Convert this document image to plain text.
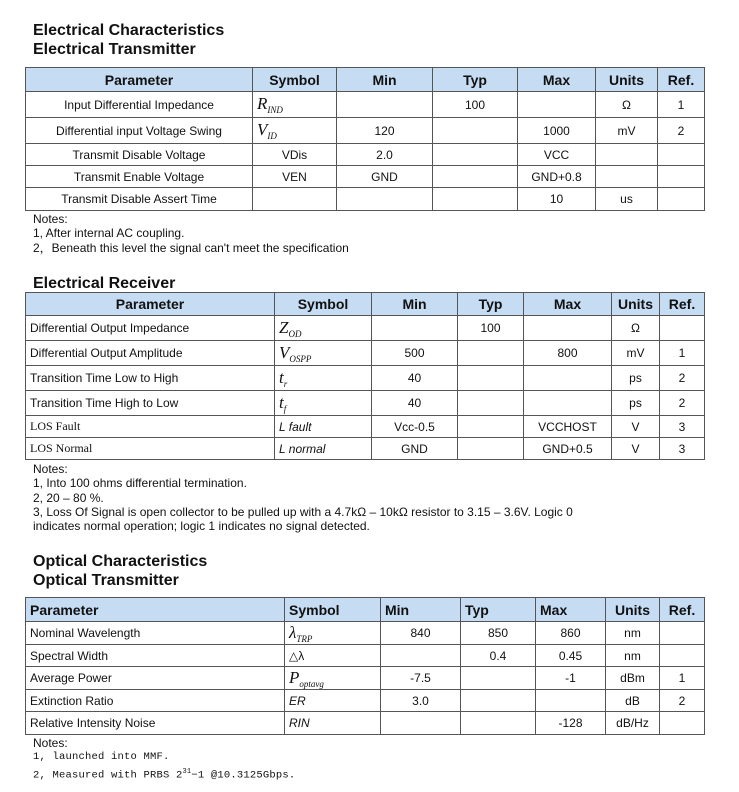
Electrical Characteristics
Electrical Transmitter
Parameter	Symbol	Min	Typ	Max	Units	Ref.
Input Differential Impedance	$R_{IND}$		100		Ω	1
Differential input Voltage Swing	$V_{ID}$	120		1000	mV	2
Transmit Disable Voltage	VDis	2.0		VCC		
Transmit Enable Voltage	VEN	GND		GND+0.8		
Transmit Disable Assert Time				10	us	
Notes:
1, After internal AC coupling.
2，Beneath this level the signal can't meet the specification
Electrical Receiver
Parameter	Symbol	Min	Typ	Max	Units	Ref.
Differential Output Impedance	$Z_{OD}$		100		Ω	
Differential Output Amplitude	$V_{OSPP}$	500		800	mV	1
Transition Time Low to High	$t_r$	40			ps	2
Transition Time High to Low	$t_f$	40			ps	2
LOS Fault	L fault	Vcc-0.5		VCCHOST	V	3
LOS Normal	L normal	GND		GND+0.5	V	3
Notes:
1, Into 100 ohms differential termination.
2, 20 – 80 %.
3, Loss Of Signal is open collector to be pulled up with a 4.7kΩ – 10kΩ resistor to 3.15 – 3.6V. Logic 0
indicates normal operation; logic 1 indicates no signal detected.
Optical Characteristics
Optical Transmitter
Parameter	Symbol	Min	Typ	Max	Units	Ref.
Nominal Wavelength	$\lambda_{TRP}$	840	850	860	nm	
Spectral Width	△λ		0.4	0.45	nm	
Average Power	$P_{optavg}$	-7.5		-1	dBm	1
Extinction Ratio	ER	3.0			dB	2
Relative Intensity Noise	RIN			-128	dB/Hz	
Notes:
1, launched into MMF.
2, Measured with PRBS $2^{31}-1$ @10.3125Gbps.
